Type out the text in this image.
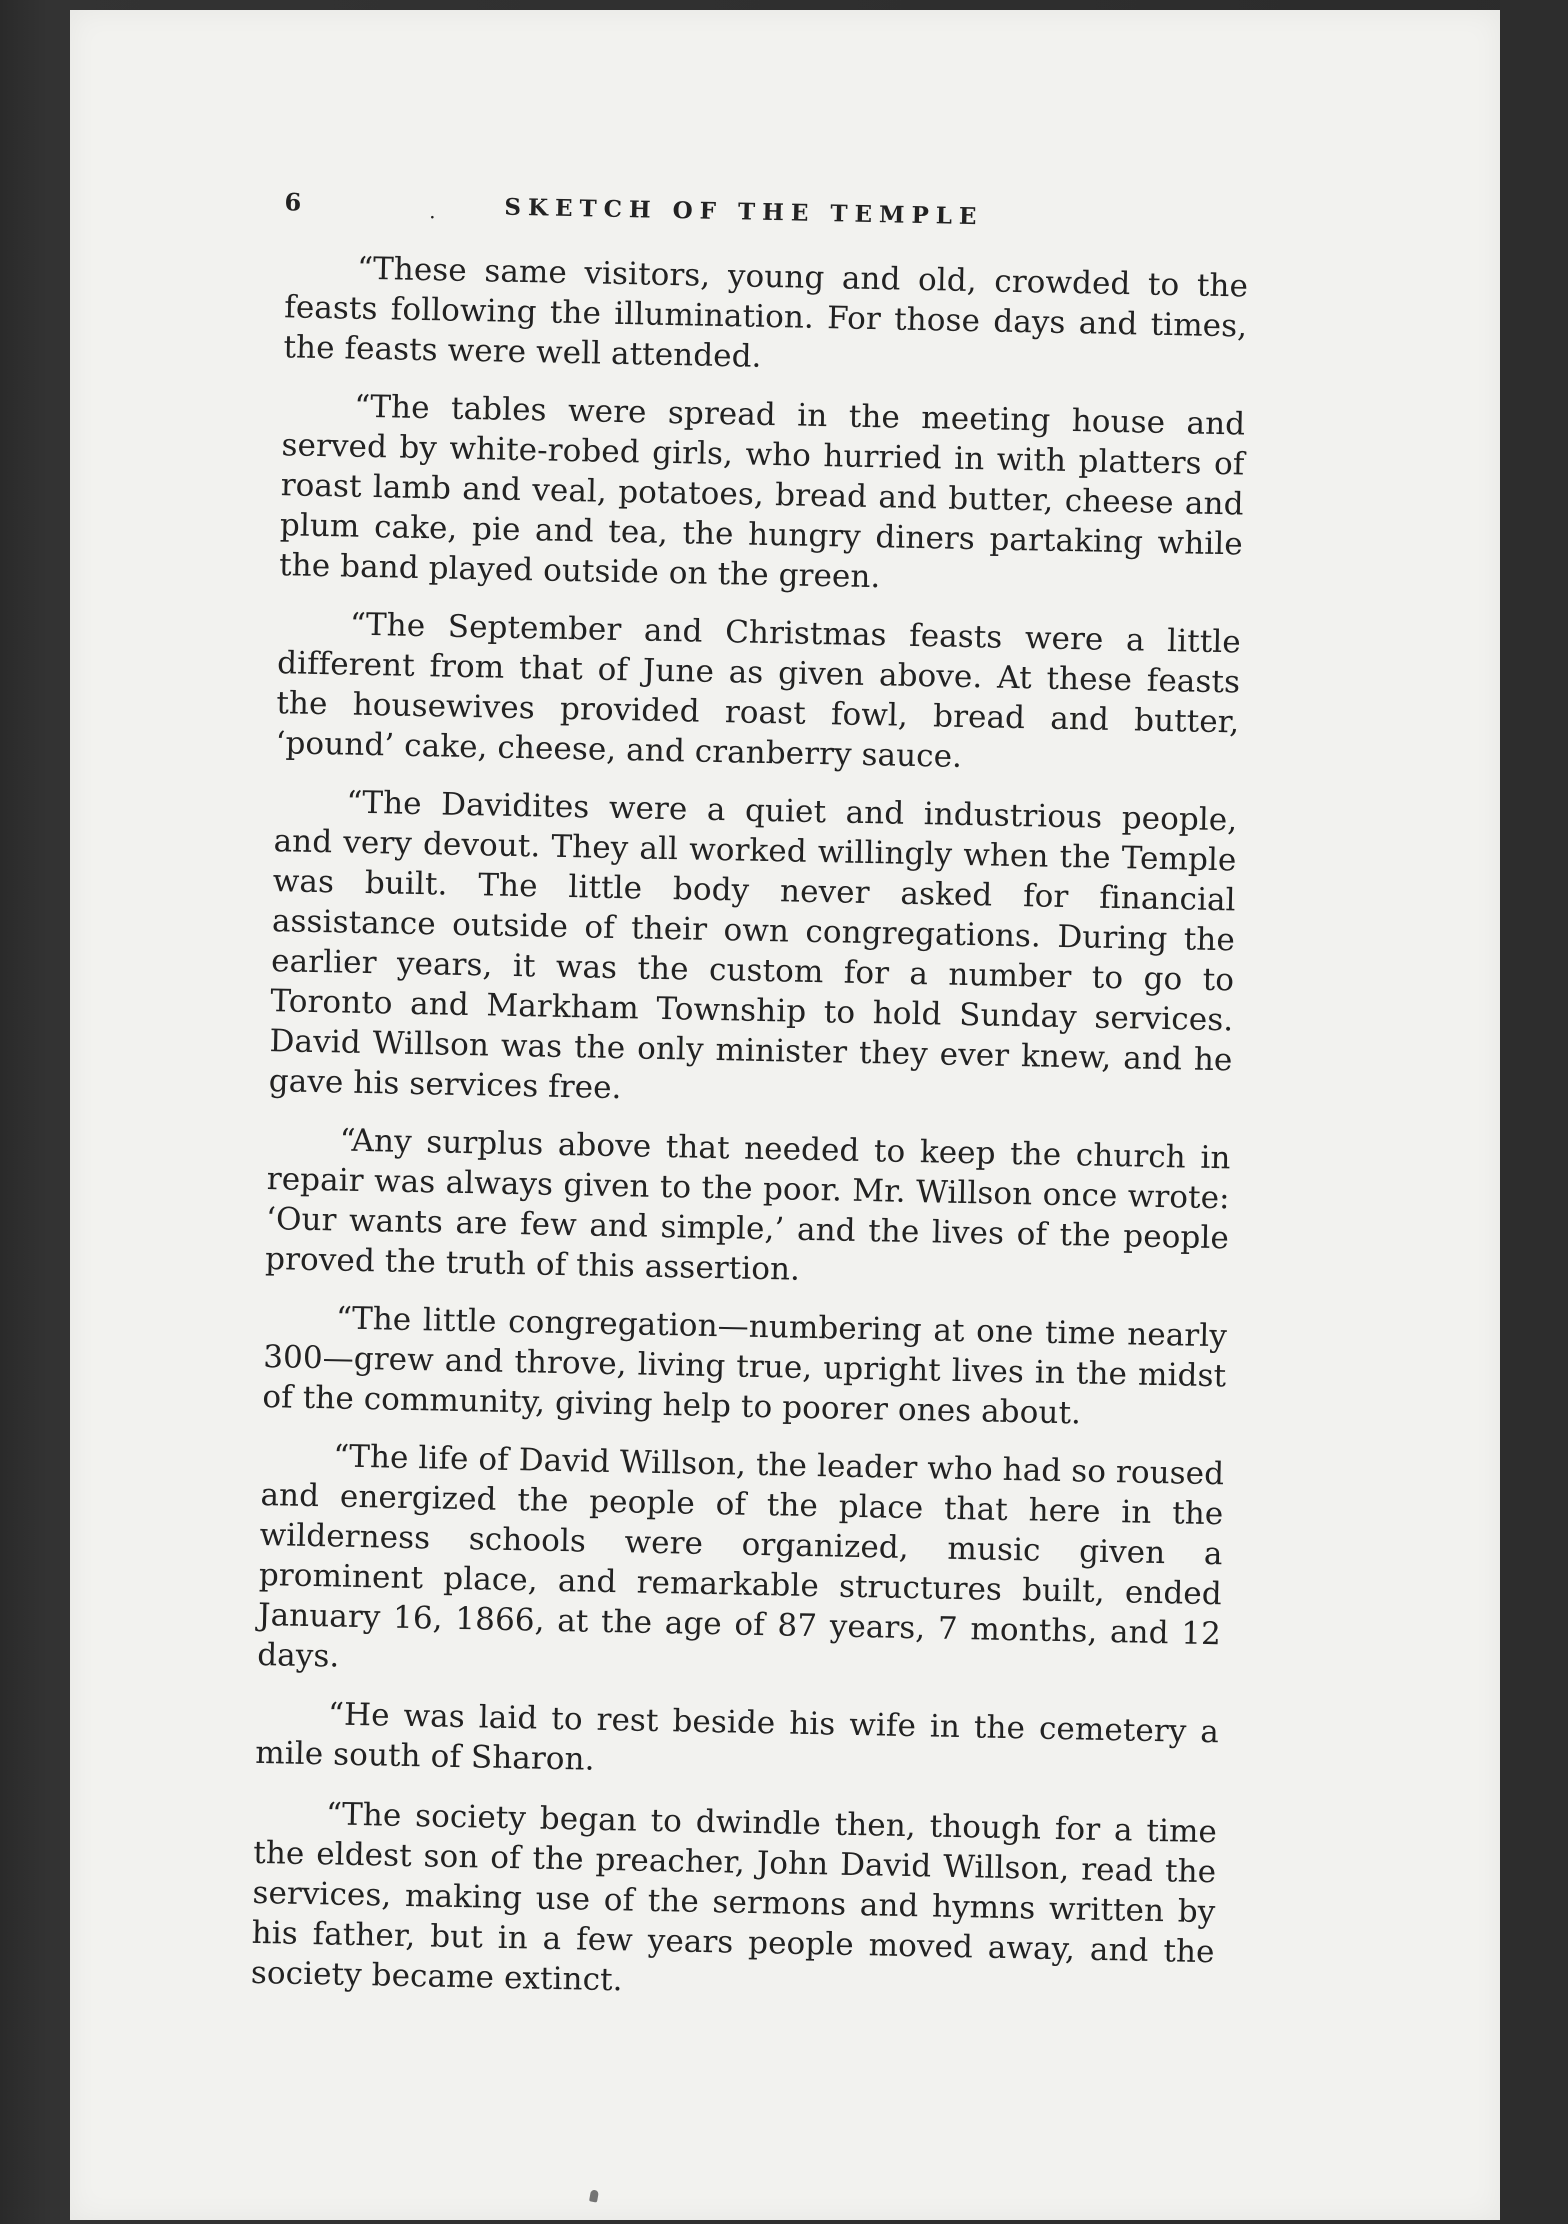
6	.	SKETCH OF THE TEMPLE

“These same visitors, young and old, crowded to the feasts following the illumination. For those days and times, the feasts were well attended.

“The tables were spread in the meeting house and served by white-robed girls, who hurried in with platters of roast lamb and veal, potatoes, bread and butter, cheese and plum cake, pie and tea, the hungry diners partaking while the band played outside on the green.

“The September and Christmas feasts were a little different from that of June as given above. At these feasts the housewives provided roast fowl, bread and butter, ‘pound’ cake, cheese, and cranberry sauce.

“The Davidites were a quiet and industrious people, and very devout. They all worked willingly when the Temple was built. The little body never asked for financial assistance outside of their own congregations. During the earlier years, it was the custom for a number to go to Toronto and Markham Township to hold Sunday services. David Willson was the only minister they ever knew, and he gave his services free.

“Any surplus above that needed to keep the church in repair was always given to the poor. Mr. Willson once wrote: ‘Our wants are few and simple,’ and the lives of the people proved the truth of this assertion.

“The little congregation—numbering at one time nearly 300—grew and throve, living true, upright lives in the midst of the community, giving help to poorer ones about.

“The life of David Willson, the leader who had so roused and energized the people of the place that here in the wilderness schools were organized, music given a prominent place, and remarkable structures built, ended January 16, 1866, at the age of 87 years, 7 months, and 12 days.

“He was laid to rest beside his wife in the cemetery a mile south of Sharon.

“The society began to dwindle then, though for a time the eldest son of the preacher, John David Willson, read the services, making use of the sermons and hymns written by his father, but in a few years people moved away, and the society became extinct.
